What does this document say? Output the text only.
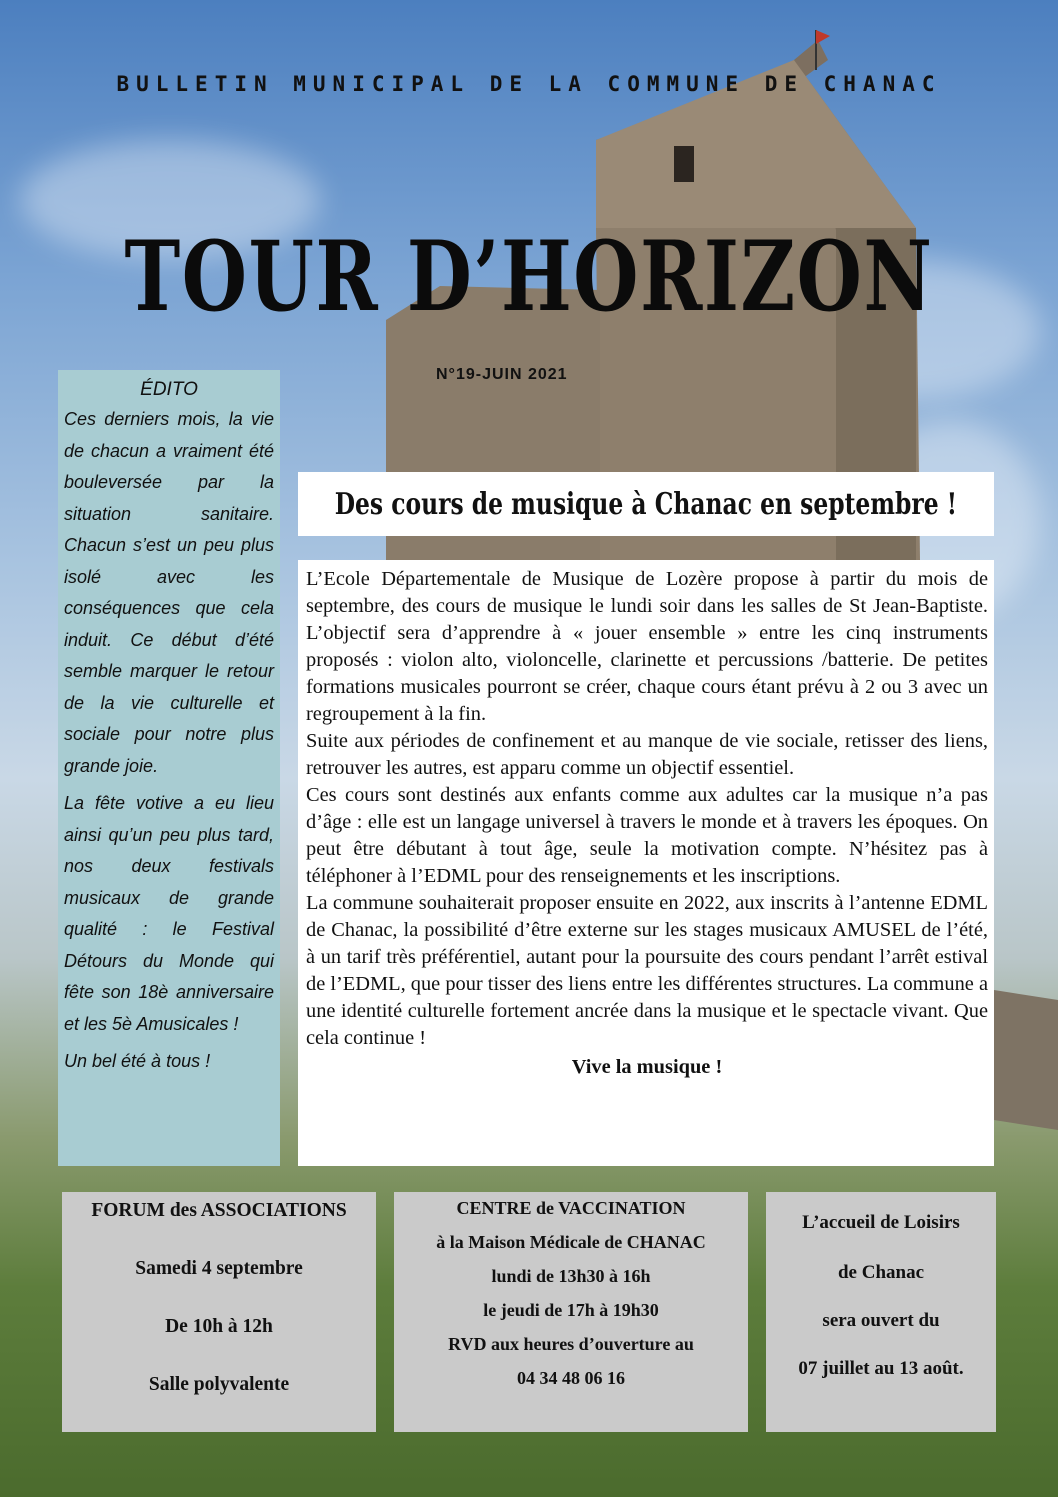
BULLETIN MUNICIPAL DE LA COMMUNE DE CHANAC
TOUR D’HORIZON
N°19-JUIN 2021
ÉDITO

Ces derniers mois, la vie de chacun a vraiment été bouleversée par la situation sanitaire. Chacun s’est un peu plus isolé avec les conséquences que cela induit. Ce début d’été semble marquer le retour de la vie culturelle et sociale pour notre plus grande joie.

La fête votive a eu lieu ainsi qu’un peu plus tard, nos deux festivals musicaux de grande qualité : le Festival Détours du Monde qui fête son 18è anniversaire et les 5è Amusicales !

Un bel été à tous !

Des cours de musique à Chanac en septembre !

L’Ecole Départementale de Musique de Lozère propose à partir du mois de septembre, des cours de musique le lundi soir dans les salles de St Jean-Baptiste. L’objectif sera d’apprendre à « jouer ensemble » entre les cinq instruments proposés : violon alto, violoncelle, clarinette et percussions /batterie. De petites formations musicales pourront se créer, chaque cours étant prévu à 2 ou 3 avec un regroupement à la fin.

Suite aux périodes de confinement et au manque de vie sociale, retisser des liens, retrouver les autres, est apparu comme un objectif essentiel.

Ces cours sont destinés aux enfants comme aux adultes car la musique n’a pas d’âge : elle est un langage universel à travers le monde et à travers les époques. On peut être débutant à tout âge, seule la motivation compte. N’hésitez pas à téléphoner à l’EDML pour des renseignements et les inscriptions.

La commune souhaiterait proposer ensuite en 2022, aux inscrits à l’antenne EDML de Chanac, la possibilité d’être externe sur les stages musicaux AMUSEL de l’été, à un tarif très préférentiel, autant pour la poursuite des cours pendant l’arrêt estival de l’EDML, que pour tisser des liens entre les différentes structures. La commune a une identité culturelle fortement ancrée dans la musique et le spectacle vivant. Que cela continue !

Vive la musique !

FORUM des ASSOCIATIONS
Samedi 4 septembre
De 10h à 12h
Salle polyvalente
CENTRE de VACCINATION
à la Maison Médicale de CHANAC
lundi de 13h30 à 16h
le jeudi de 17h à 19h30
RVD aux heures d’ouverture au
04 34 48 06 16
L’accueil de Loisirs
de Chanac
sera ouvert du
07 juillet au 13 août.
